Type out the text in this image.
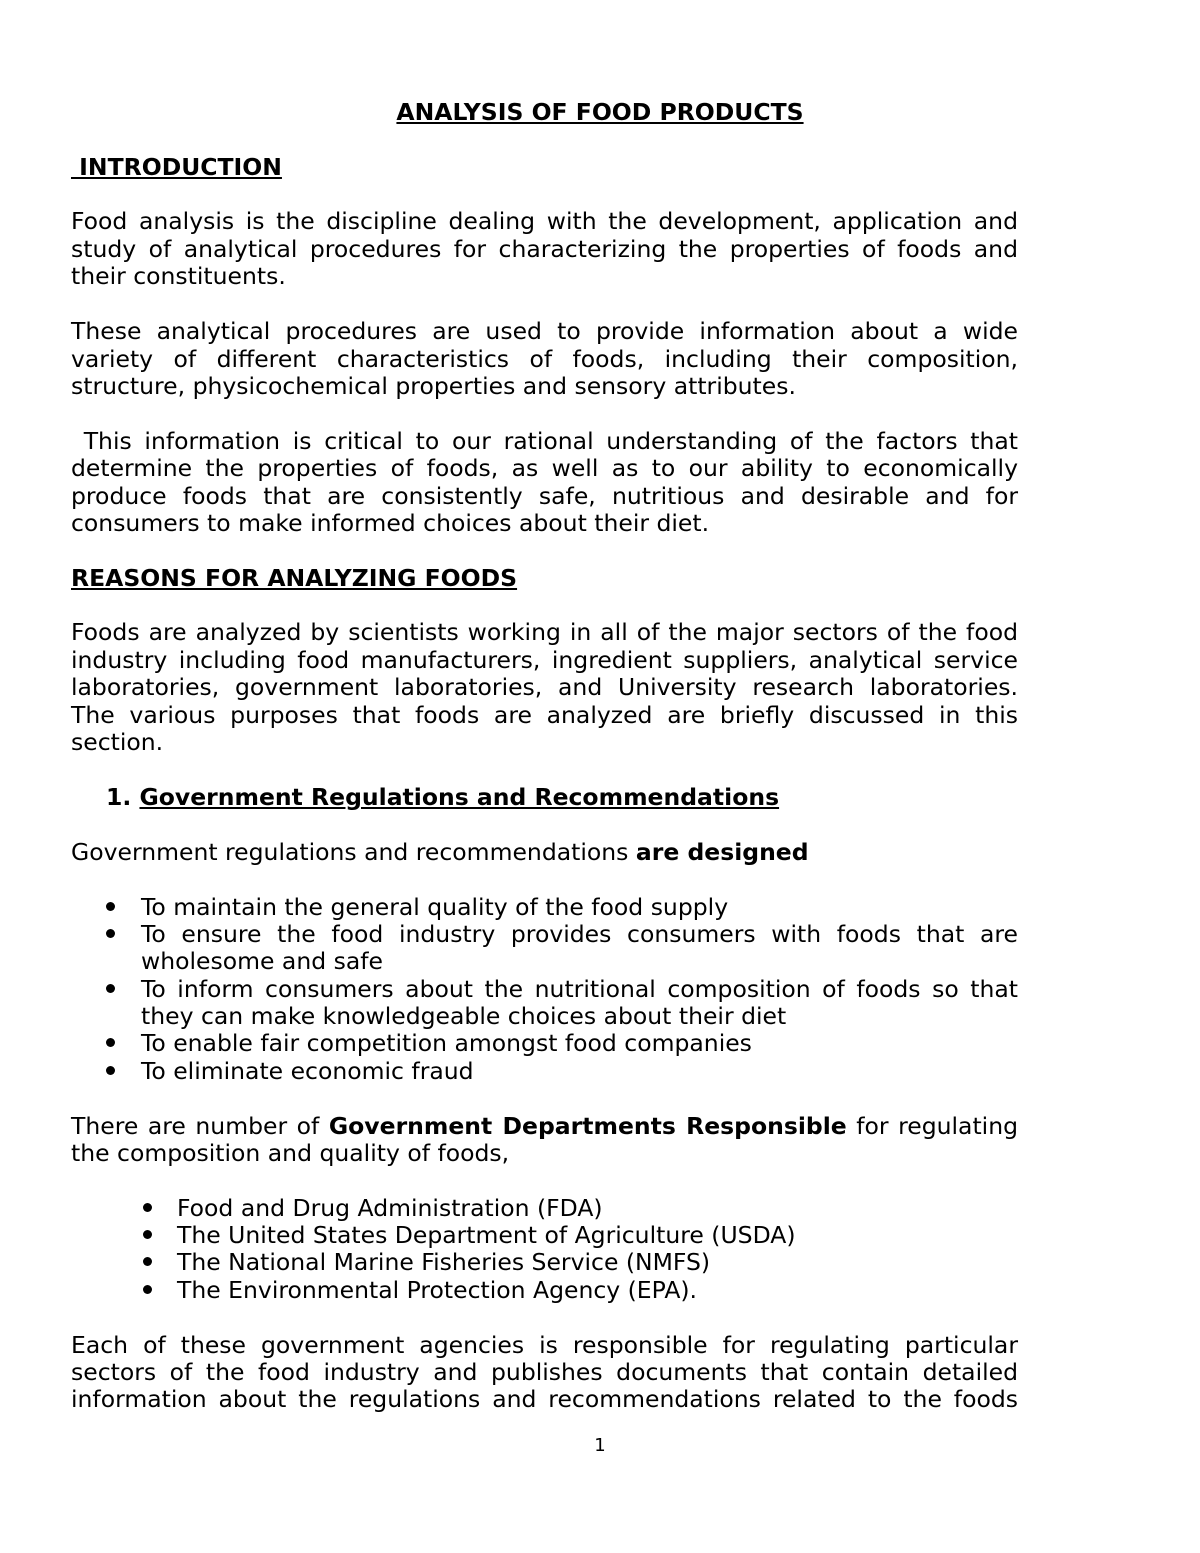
ANALYSIS OF FOOD PRODUCTS
INTRODUCTION
Food analysis is the discipline dealing with the development, application and
study of analytical procedures for characterizing the properties of foods and
their constituents.
These analytical procedures are used to provide information about a wide
variety of different characteristics of foods, including their composition,
structure, physicochemical properties and sensory attributes.
This information is critical to our rational understanding of the factors that
determine the properties of foods, as well as to our ability to economically
produce foods that are consistently safe, nutritious and desirable and for
consumers to make informed choices about their diet.
REASONS FOR ANALYZING FOODS
Foods are analyzed by scientists working in all of the major sectors of the food
industry including food manufacturers, ingredient suppliers, analytical service
laboratories, government laboratories, and University research laboratories.
The various purposes that foods are analyzed are briefly discussed in this
section.
1. Government Regulations and Recommendations
Government regulations and recommendations are designed
To maintain the general quality of the food supply
To ensure the food industry provides consumers with foods that are
wholesome and safe
To inform consumers about the nutritional composition of foods so that
they can make knowledgeable choices about their diet
To enable fair competition amongst food companies
To eliminate economic fraud
There are number of Government Departments Responsible for regulating
the composition and quality of foods,
Food and Drug Administration (FDA)
The United States Department of Agriculture (USDA)
The National Marine Fisheries Service (NMFS)
The Environmental Protection Agency (EPA).
Each of these government agencies is responsible for regulating particular
sectors of the food industry and publishes documents that contain detailed
information about the regulations and recommendations related to the foods
1
